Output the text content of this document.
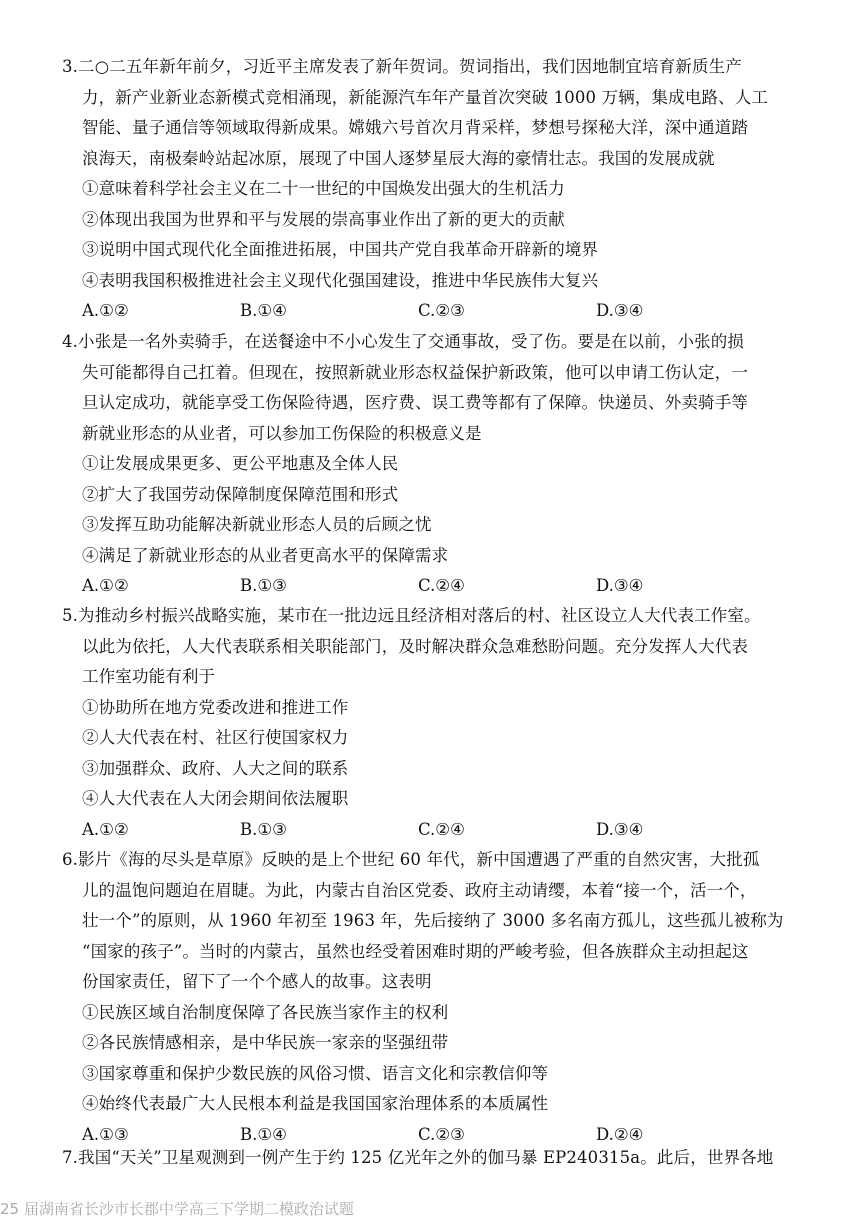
3.二○二五年新年前夕，习近平主席发表了新年贺词。贺词指出，我们因地制宜培育新质生产
力，新产业新业态新模式竞相涌现，新能源汽车年产量首次突破 1000 万辆，集成电路、人工
智能、量子通信等领域取得新成果。嫦娥六号首次月背采样，梦想号探秘大洋，深中通道踏
浪海天，南极秦岭站起冰原，展现了中国人逐梦星辰大海的豪情壮志。我国的发展成就
①意味着科学社会主义在二十一世纪的中国焕发出强大的生机活力
②体现出我国为世界和平与发展的崇高事业作出了新的更大的贡献
③说明中国式现代化全面推进拓展，中国共产党自我革命开辟新的境界
④表明我国积极推进社会主义现代化强国建设，推进中华民族伟大复兴
A.①②	B.①④	C.②③	D.③④
4.小张是一名外卖骑手，在送餐途中不小心发生了交通事故，受了伤。要是在以前，小张的损
失可能都得自己扛着。但现在，按照新就业形态权益保护新政策，他可以申请工伤认定，一
旦认定成功，就能享受工伤保险待遇，医疗费、误工费等都有了保障。快递员、外卖骑手等
新就业形态的从业者，可以参加工伤保险的积极意义是
①让发展成果更多、更公平地惠及全体人民
②扩大了我国劳动保障制度保障范围和形式
③发挥互助功能解决新就业形态人员的后顾之忧
④满足了新就业形态的从业者更高水平的保障需求
A.①②	B.①③	C.②④	D.③④
5.为推动乡村振兴战略实施，某市在一批边远且经济相对落后的村、社区设立人大代表工作室。
以此为依托，人大代表联系相关职能部门，及时解决群众急难愁盼问题。充分发挥人大代表
工作室功能有利于
①协助所在地方党委改进和推进工作
②人大代表在村、社区行使国家权力
③加强群众、政府、人大之间的联系
④人大代表在人大闭会期间依法履职
A.①②	B.①③	C.②④	D.③④
6.影片《海的尽头是草原》反映的是上个世纪 60 年代，新中国遭遇了严重的自然灾害，大批孤
儿的温饱问题迫在眉睫。为此，内蒙古自治区党委、政府主动请缨，本着“接一个，活一个，
壮一个”的原则，从 1960 年初至 1963 年，先后接纳了 3000 多名南方孤儿，这些孤儿被称为
“国家的孩子”。当时的内蒙古，虽然也经受着困难时期的严峻考验，但各族群众主动担起这
份国家责任，留下了一个个感人的故事。这表明
①民族区域自治制度保障了各民族当家作主的权利
②各民族情感相亲，是中华民族一家亲的坚强纽带
③国家尊重和保护少数民族的风俗习惯、语言文化和宗教信仰等
④始终代表最广大人民根本利益是我国国家治理体系的本质属性
A.①③	B.①④	C.②③	D.②④
7.我国“天关”卫星观测到一例产生于约 125 亿光年之外的伽马暴 EP240315a。此后，世界各地
25 届湖南省长沙市长郡中学高三下学期二模政治试题
